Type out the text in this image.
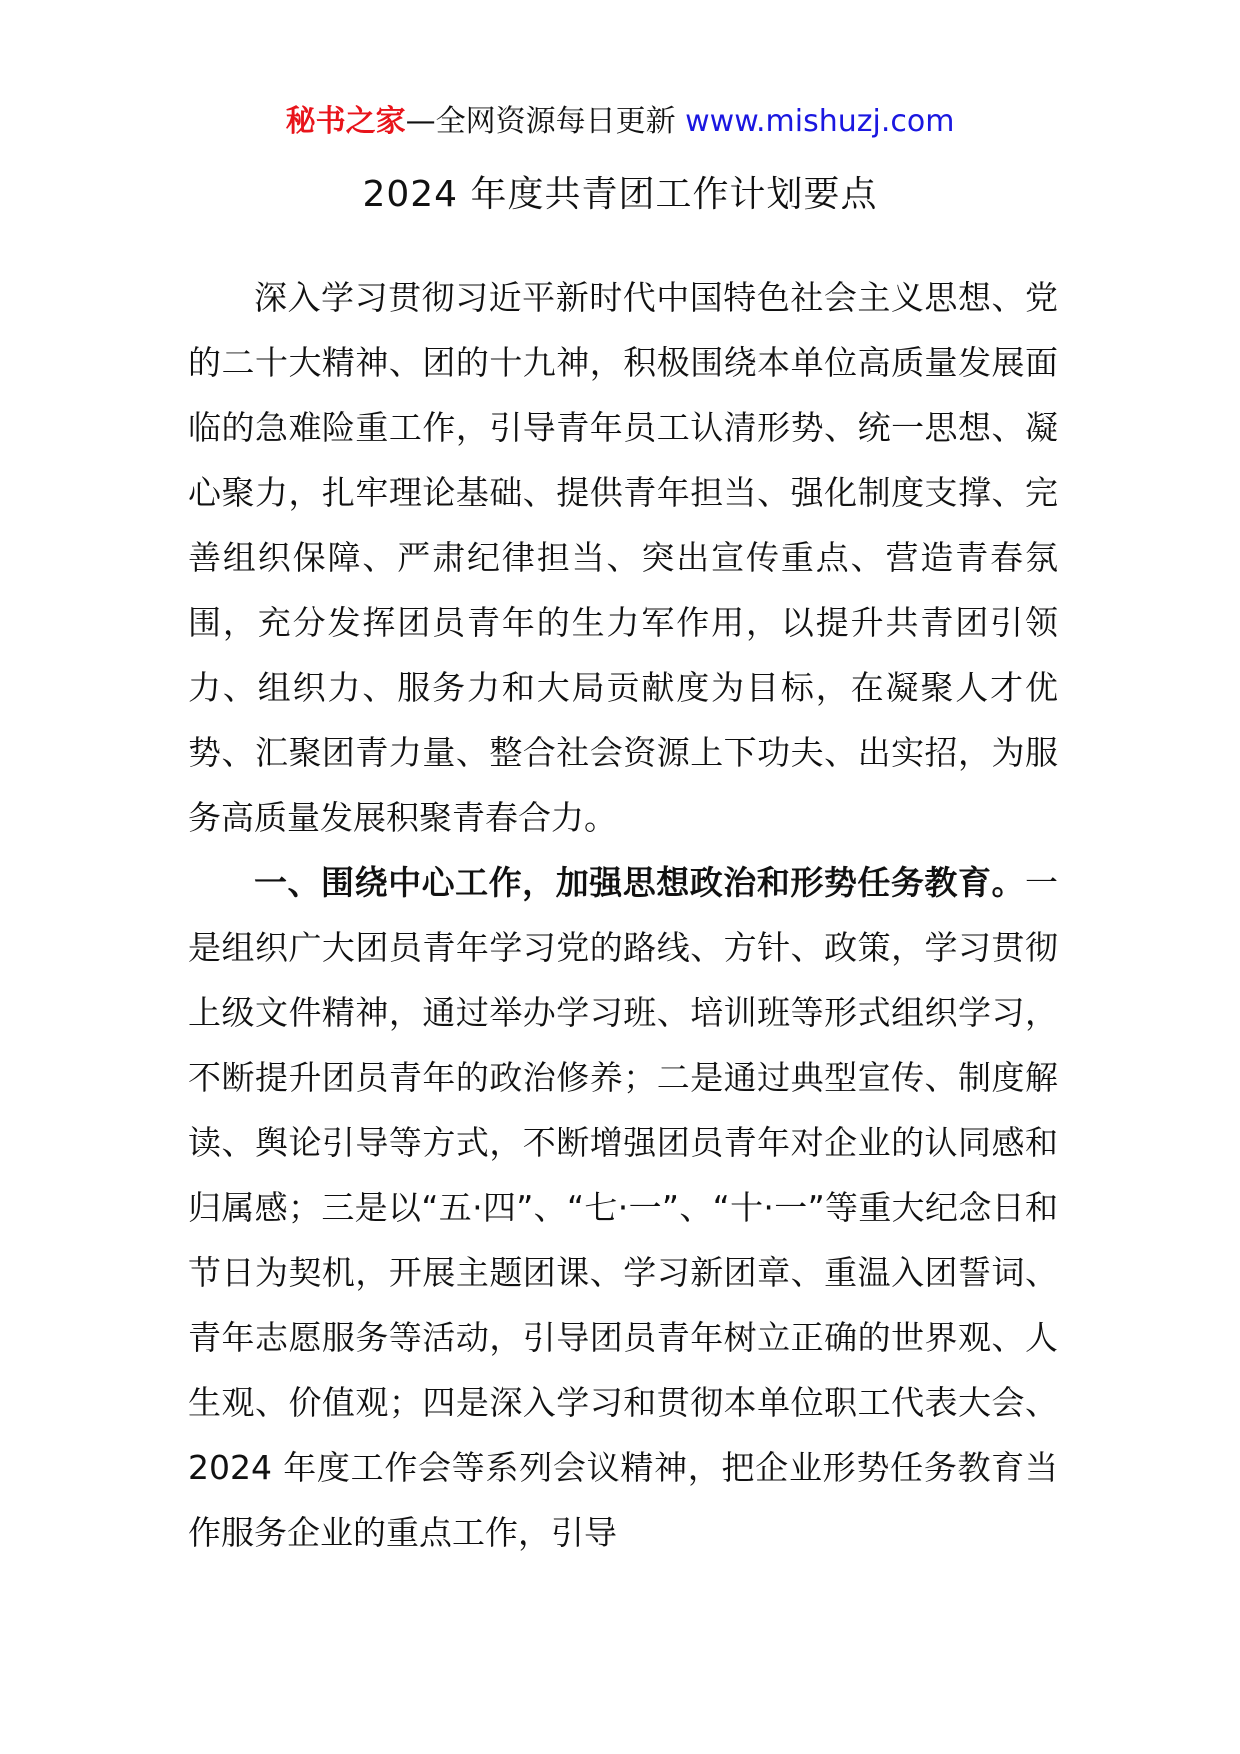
秘书之家—全网资源每日更新 www.mishuzj.com
2024 年度共青团工作计划要点

深入学习贯彻习近平新时代中国特色社会主义思想、党的二十大精神、团的十九神，积极围绕本单位高质量发展面临的急难险重工作，引导青年员工认清形势、统一思想、凝心聚力，扎牢理论基础、提供青年担当、强化制度支撑、完善组织保障、严肃纪律担当、突出宣传重点、营造青春氛围，充分发挥团员青年的生力军作用，以提升共青团引领力、组织力、服务力和大局贡献度为目标，在凝聚人才优势、汇聚团青力量、整合社会资源上下功夫、出实招，为服务高质量发展积聚青春合力。

一、围绕中心工作，加强思想政治和形势任务教育。一是组织广大团员青年学习党的路线、方针、政策，学习贯彻上级文件精神，通过举办学习班、培训班等形式组织学习，不断提升团员青年的政治修养；二是通过典型宣传、制度解读、舆论引导等方式，不断增强团员青年对企业的认同感和归属感；三是以“五·四”、“七·一”、“十·一”等重大纪念日和节日为契机，开展主题团课、学习新团章、重温入团誓词、青年志愿服务等活动，引导团员青年树立正确的世界观、人生观、价值观；四是深入学习和贯彻本单位职工代表大会、2024 年度工作会等系列会议精神，把企业形势任务教育当作服务企业的重点工作，引导
